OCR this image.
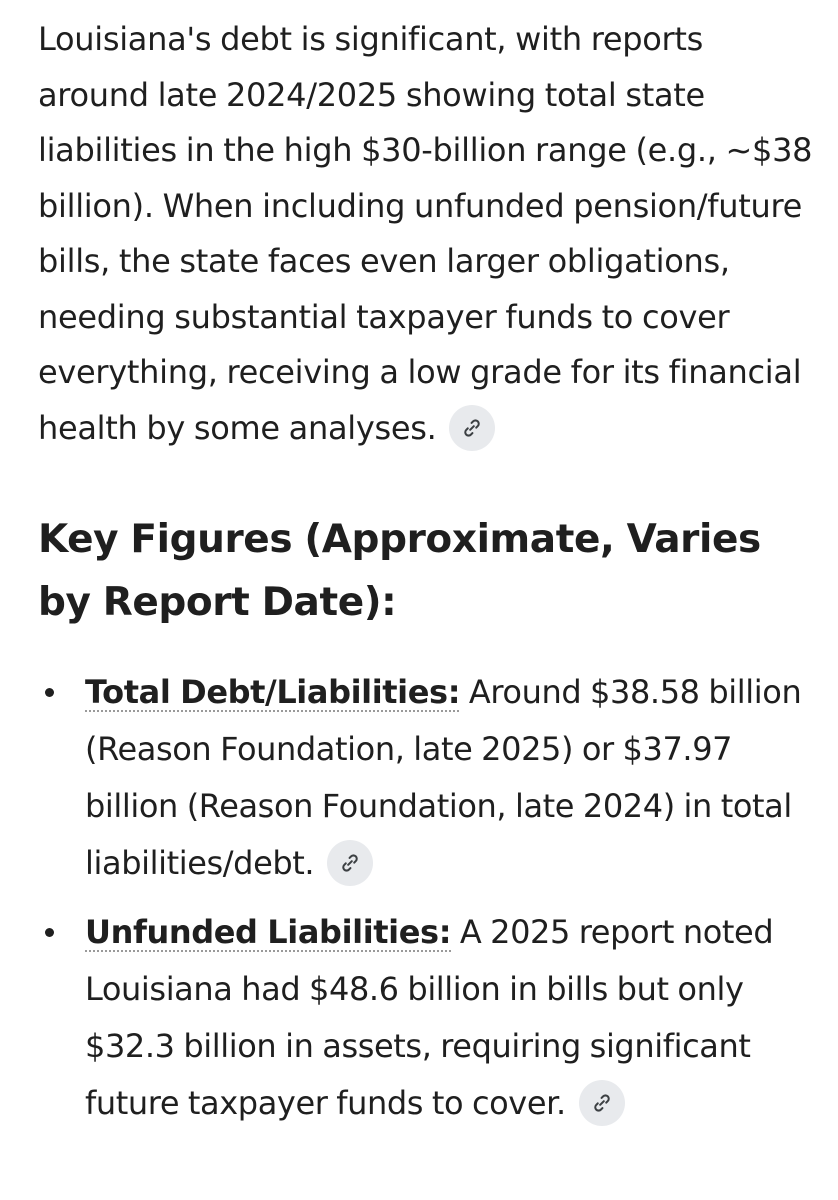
Louisiana's debt is significant, with reports around late 2024/2025 showing total state liabilities in the high $30-billion range (e.g., ~$38 billion). When including unfunded pension/future bills, the state faces even larger obligations, needing substantial taxpayer funds to cover everything, receiving a low grade for its financial health by some analyses.

Key Figures (Approximate, Varies by Report Date):
Total Debt/Liabilities: Around $38.58 billion (Reason Foundation, late 2025) or $37.97 billion (Reason Foundation, late 2024) in total liabilities/debt.
Unfunded Liabilities: A 2025 report noted Louisiana had $48.6 billion in bills but only $32.3 billion in assets, requiring significant future taxpayer funds to cover.
